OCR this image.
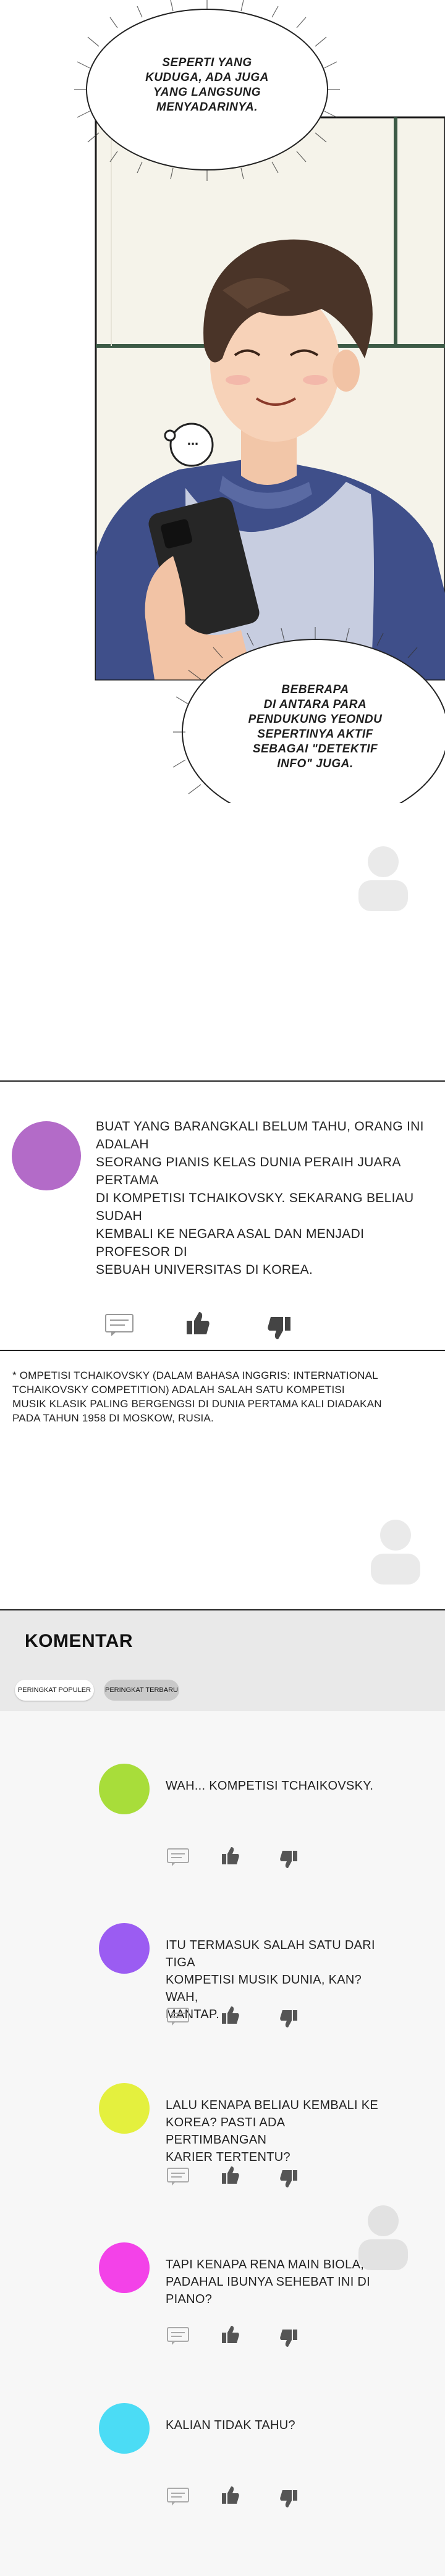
...
SEPERTI YANG
KUDUGA, ADA JUGA
YANG LANGSUNG
MENYADARINYA.
BEBERAPA
DI ANTARA PARA
PENDUKUNG YEONDU
SEPERTINYA AKTIF
SEBAGAI "DETEKTIF
INFO" JUGA.
BUAT YANG BARANGKALI BELUM TAHU, ORANG INI ADALAH
SEORANG PIANIS KELAS DUNIA PERAIH JUARA PERTAMA
DI KOMPETISI TCHAIKOVSKY. SEKARANG BELIAU SUDAH
KEMBALI KE NEGARA ASAL DAN MENJADI PROFESOR DI
SEBUAH UNIVERSITAS DI KOREA.
* OMPETISI TCHAIKOVSKY (DALAM BAHASA INGGRIS: INTERNATIONAL
TCHAIKOVSKY COMPETITION) ADALAH SALAH SATU KOMPETISI
MUSIK KLASIK PALING BERGENGSI DI DUNIA PERTAMA KALI DIADAKAN
PADA TAHUN 1958 DI MOSKOW, RUSIA.
KOMENTAR
PERINGKAT POPULER	PERINGKAT TERBARU
WAH... KOMPETISI TCHAIKOVSKY.
ITU TERMASUK SALAH SATU DARI TIGA
KOMPETISI MUSIK DUNIA, KAN? WAH,
MANTAP.
LALU KENAPA BELIAU KEMBALI KE
KOREA? PASTI ADA PERTIMBANGAN
KARIER TERTENTU?
TAPI KENAPA RENA MAIN BIOLA,
PADAHAL IBUNYA SEHEBAT INI DI
PIANO?
KALIAN TIDAK TAHU?
